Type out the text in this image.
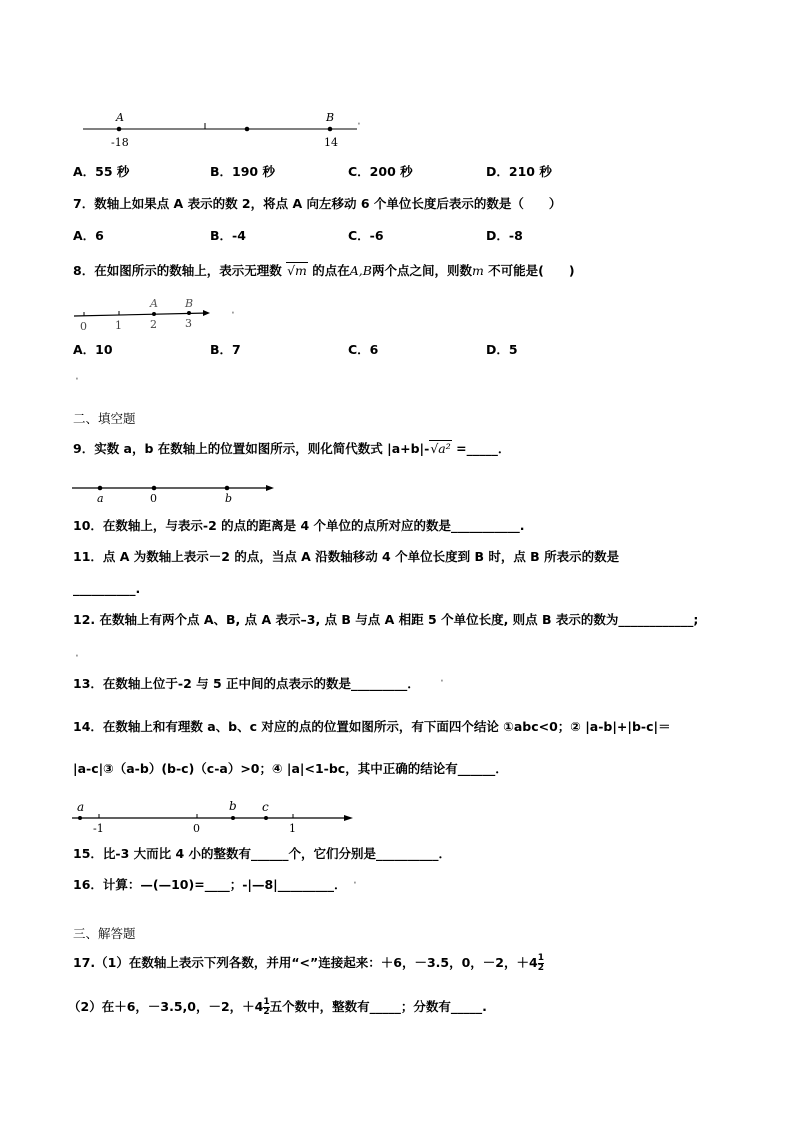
A	B
-18	14
A．55 秒	B．190 秒	C．200 秒	D．210 秒
7．数轴上如果点 A 表示的数 2，将点 A 向左移动 6 个单位长度后表示的数是（　　）
A．6	B．-4	C．-6	D．-8
8．在如图所示的数轴上，表示无理数 √m 的点在A,B两个点之间，则数m 不可能是(　　)
A B
0	1	2	3
A．10	B．7	C．6	D．5
二、填空题
9．实数 a，b 在数轴上的位置如图所示，则化简代数式 |a+b|-√a² =_____．
a	0	b
10．在数轴上，与表示-2 的点的距离是 4 个单位的点所对应的数是___________.
11．点 A 为数轴上表示－2 的点，当点 A 沿数轴移动 4 个单位长度到 B 时，点 B 所表示的数是
__________.
12. 在数轴上有两个点 A、B, 点 A 表示–3, 点 B 与点 A 相距 5 个单位长度, 则点 B 表示的数为____________;
13．在数轴上位于-2 与 5 正中间的点表示的数是_________．
14．在数轴上和有理数 a、b、c 对应的点的位置如图所示，有下面四个结论 ①abc<0；② |a-b|+|b-c|＝
|a-c|③（a-b）(b-c)（c-a）>0；④ |a|<1-bc，其中正确的结论有______．
a	b c
-1	0	1
15．比-3 大而比 4 小的整数有______个，它们分别是__________．
16．计算：—(—10)=____；-|—8|_________．
三、解答题
17.（1）在数轴上表示下列各数，并用“<”连接起来：＋6，－3.5，0，－2，$+4 \frac{1}{2}$
（2）在＋6，－3.5,0，－2，$+4 \frac{1}{2}$ 五个数中，整数有_____；分数有_____.
·
·
·
·
·
·
